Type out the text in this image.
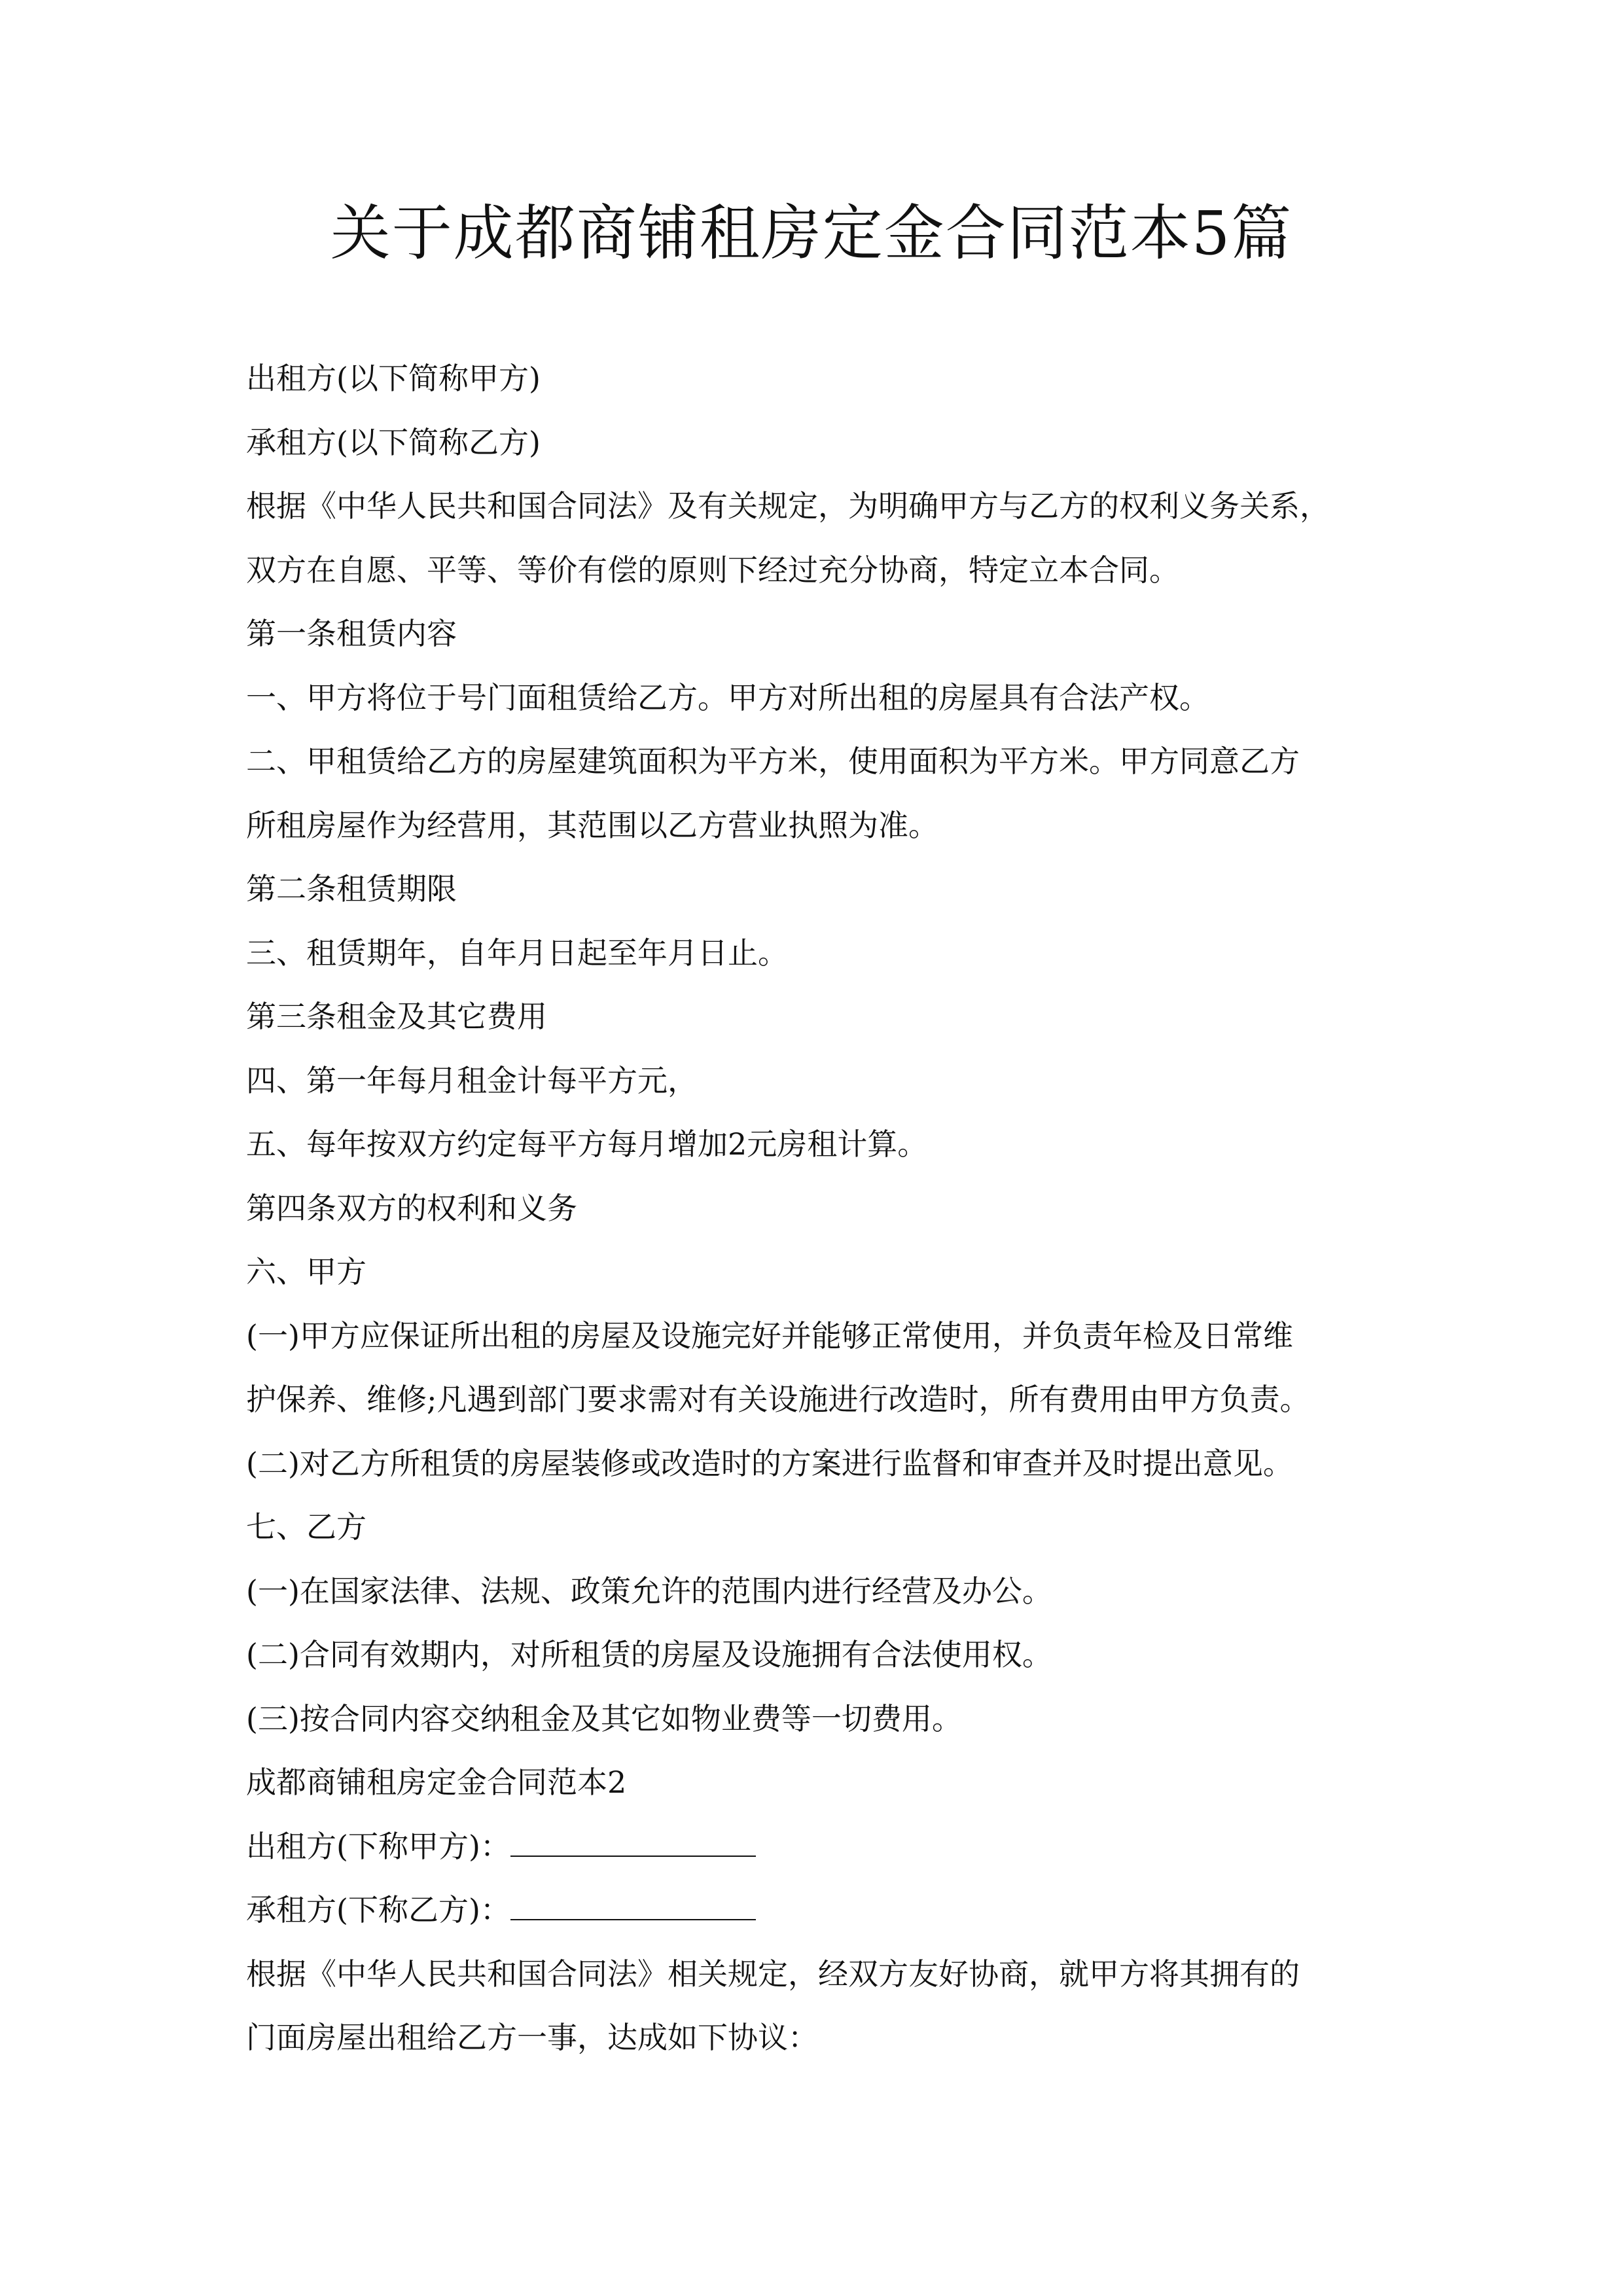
关于成都商铺租房定金合同范本5篇

出租方(以下简称甲方)

承租方(以下简称乙方)

根据《中华人民共和国合同法》及有关规定，为明确甲方与乙方的权利义务关系，

双方在自愿、平等、等价有偿的原则下经过充分协商，特定立本合同。

第一条租赁内容

一、甲方将位于号门面租赁给乙方。甲方对所出租的房屋具有合法产权。

二、甲租赁给乙方的房屋建筑面积为平方米，使用面积为平方米。甲方同意乙方

所租房屋作为经营用，其范围以乙方营业执照为准。

第二条租赁期限

三、租赁期年，自年月日起至年月日止。

第三条租金及其它费用

四、第一年每月租金计每平方元，

五、每年按双方约定每平方每月增加2元房租计算。

第四条双方的权利和义务

六、甲方

(一)甲方应保证所出租的房屋及设施完好并能够正常使用，并负责年检及日常维

护保养、维修;凡遇到部门要求需对有关设施进行改造时，所有费用由甲方负责。

(二)对乙方所租赁的房屋装修或改造时的方案进行监督和审查并及时提出意见。

七、乙方

(一)在国家法律、法规、政策允许的范围内进行经营及办公。

(二)合同有效期内，对所租赁的房屋及设施拥有合法使用权。

(三)按合同内容交纳租金及其它如物业费等一切费用。

成都商铺租房定金合同范本2

出租方(下称甲方)：

承租方(下称乙方)：

根据《中华人民共和国合同法》相关规定，经双方友好协商，就甲方将其拥有的

门面房屋出租给乙方一事，达成如下协议：
